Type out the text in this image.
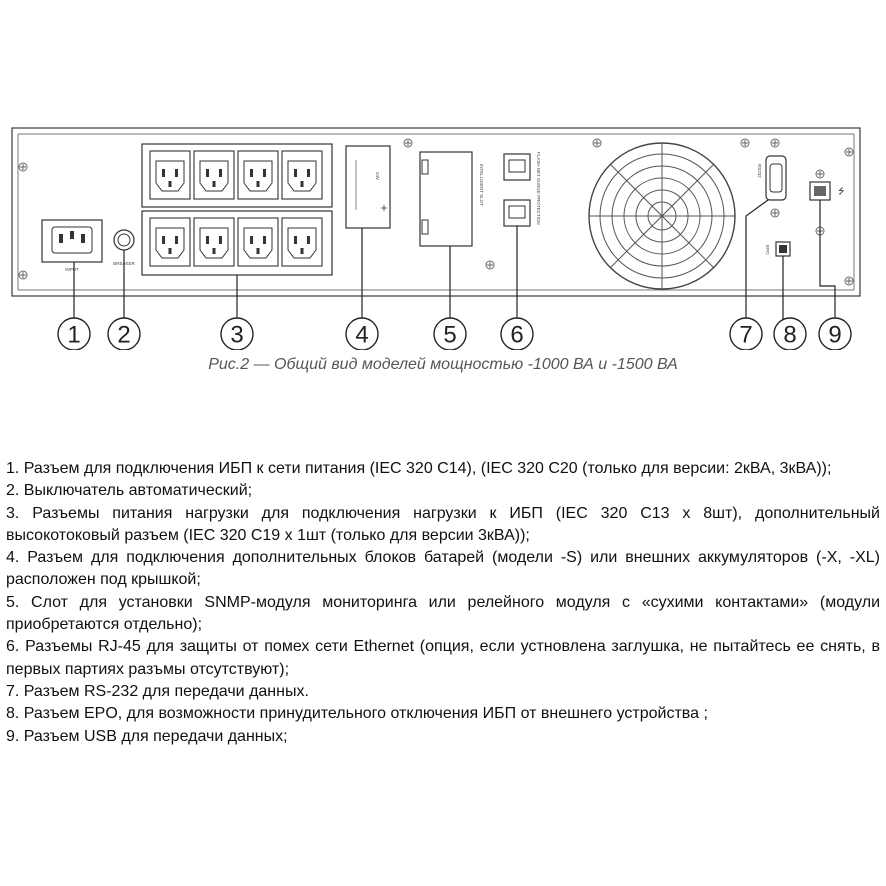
INPUT
BREAKER
24V	INTELLIGENT SLOT	FLASH NET SURGE PROTECTION	RS232
EPO
⭍
1 2	3	4	5 6	7 8 9
Рис.2 — Общий вид моделей мощностью -1000 ВА и -1500 ВА
1. Разъем для подключения ИБП к сети питания (IEC 320 C14), (IEC 320 C20 (только для версии: 2кВА, 3кВА));
2. Выключатель автоматический;
3. Разъемы питания нагрузки для подключения нагрузки к ИБП (IEC 320 C13 x 8шт), дополнительный высокотоковый разъем (IEC 320 C19 x 1шт (только для версии 3кВА));
4. Разъем для подключения дополнительных блоков батарей (модели -S) или внешних аккумуляторов (-X, -XL) расположен под крышкой;
5. Слот для установки SNMP-модуля мониторинга или релейного модуля с «сухими контактами» (модули приобретаются отдельно);
6. Разъемы RJ-45 для защиты от помех сети Ethernet (опция, если устновлена заглушка, не пытайтесь ее снять, в первых партиях разъмы отсутствуют);
7. Разъем RS-232 для передачи данных.
8. Разъем EPO, для возможности принудительного отключения ИБП от внешнего устройства ;
9. Разъем USB для передачи данных;
